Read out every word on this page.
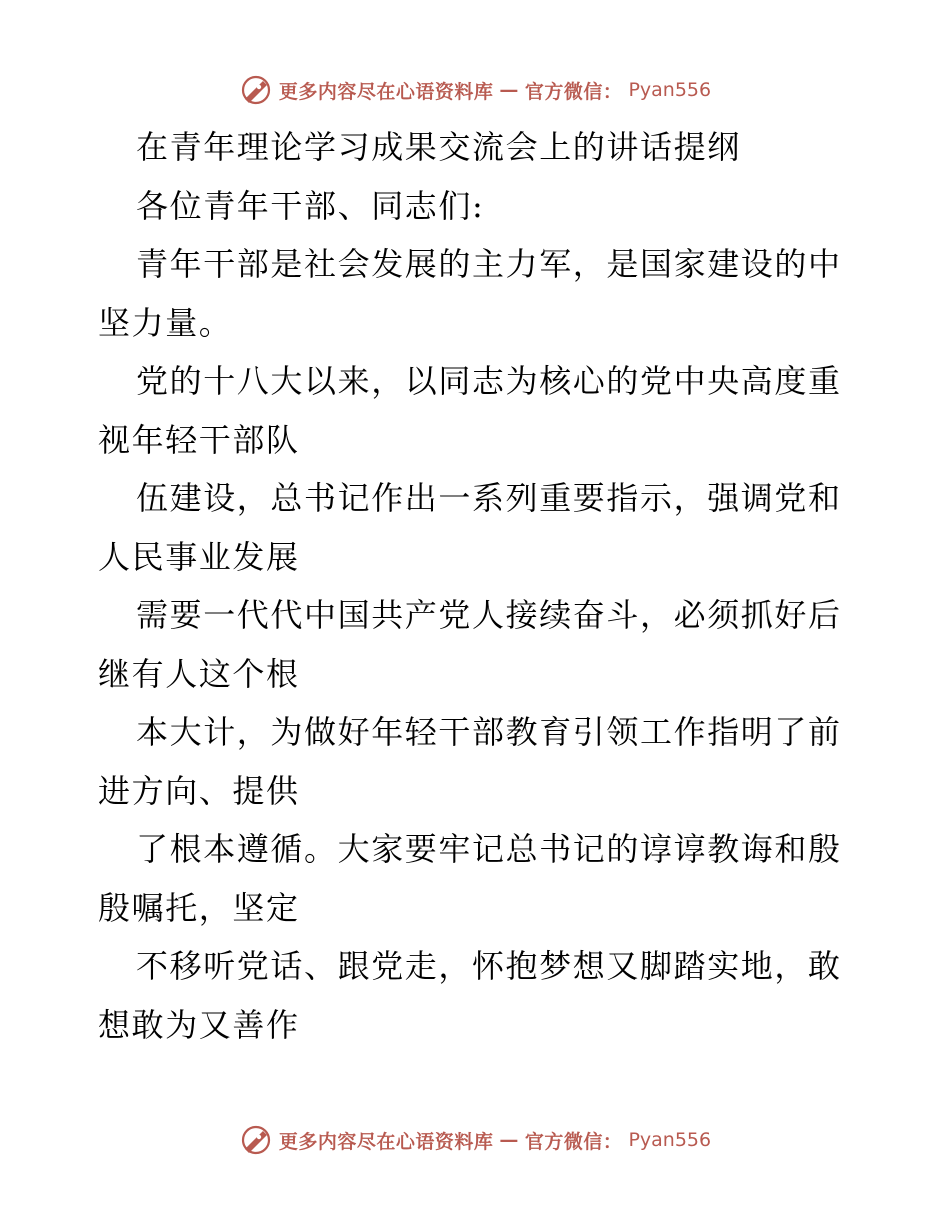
更多内容尽在心语资料库 — 官方微信： Pyan556

在青年理论学习成果交流会上的讲话提纲

各位青年干部、同志们:

青年干部是社会发展的主力军，是国家建设的中坚力量。

党的十八大以来，以同志为核心的党中央高度重视年轻干部队

伍建设，总书记作出一系列重要指示，强调党和人民事业发展

需要一代代中国共产党人接续奋斗，必须抓好后继有人这个根

本大计，为做好年轻干部教育引领工作指明了前进方向、提供

了根本遵循。大家要牢记总书记的谆谆教诲和殷殷嘱托，坚定

不移听党话、跟党走，怀抱梦想又脚踏实地，敢想敢为又善作

更多内容尽在心语资料库 — 官方微信： Pyan556
